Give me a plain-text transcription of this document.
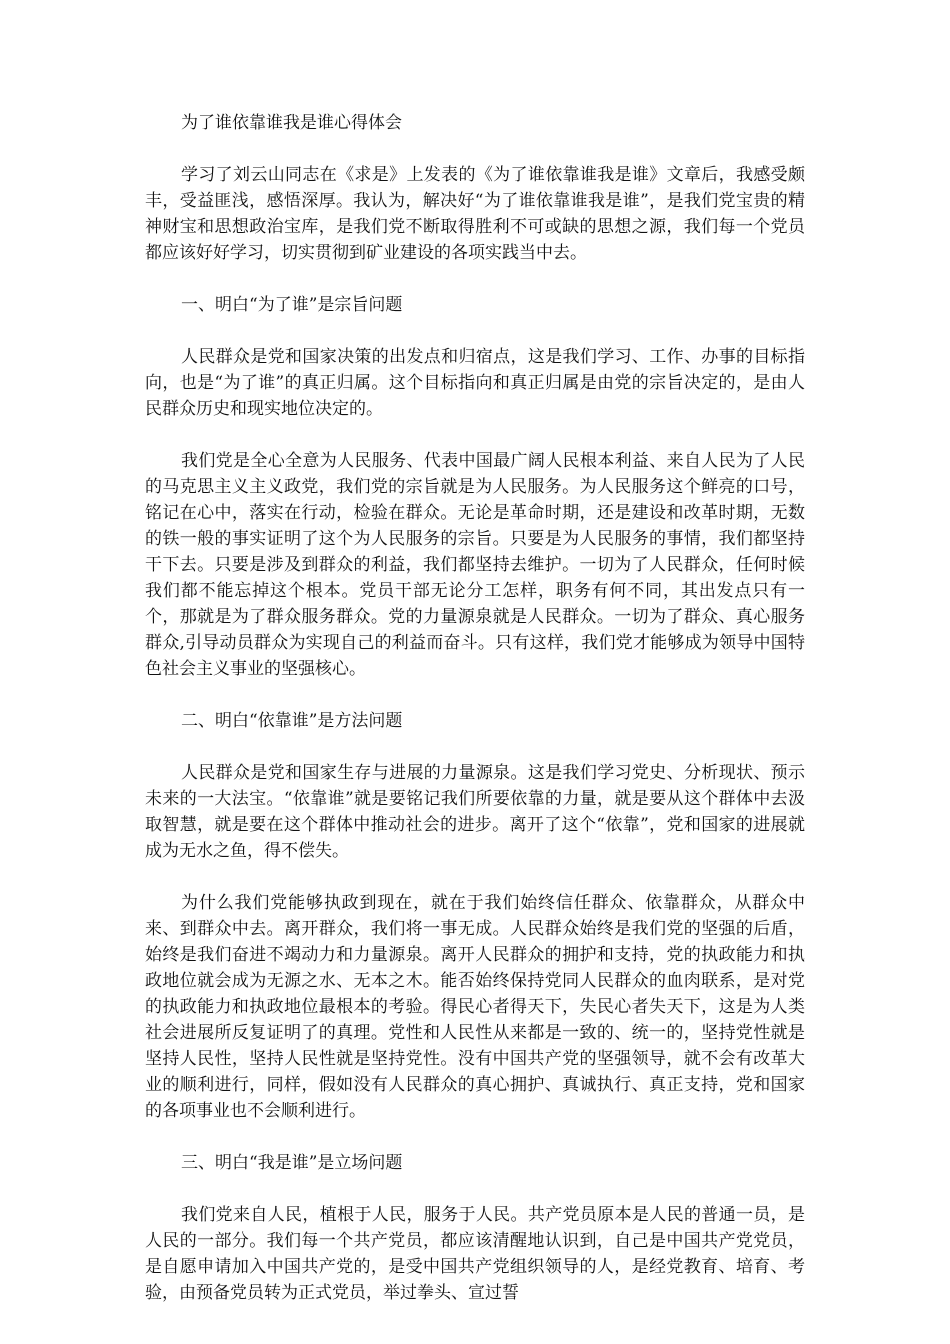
为了谁依靠谁我是谁心得体会

学习了刘云山同志在《求是》上发表的《为了谁依靠谁我是谁》文章后，我感受颇丰，受益匪浅，感悟深厚。我认为，解决好“为了谁依靠谁我是谁”，是我们党宝贵的精神财宝和思想政治宝库，是我们党不断取得胜利不可或缺的思想之源，我们每一个党员都应该好好学习，切实贯彻到矿业建设的各项实践当中去。

一、明白“为了谁”是宗旨问题

人民群众是党和国家决策的出发点和归宿点，这是我们学习、工作、办事的目标指向，也是“为了谁”的真正归属。这个目标指向和真正归属是由党的宗旨决定的，是由人民群众历史和现实地位决定的。

我们党是全心全意为人民服务、代表中国最广阔人民根本利益、来自人民为了人民的马克思主义主义政党，我们党的宗旨就是为人民服务。为人民服务这个鲜亮的口号，铭记在心中，落实在行动，检验在群众。无论是革命时期，还是建设和改革时期，无数的铁一般的事实证明了这个为人民服务的宗旨。只要是为人民服务的事情，我们都坚持干下去。只要是涉及到群众的利益，我们都坚持去维护。一切为了人民群众，任何时候我们都不能忘掉这个根本。党员干部无论分工怎样，职务有何不同，其出发点只有一个，那就是为了群众服务群众。党的力量源泉就是人民群众。一切为了群众、真心服务群众,引导动员群众为实现自己的利益而奋斗。只有这样，我们党才能够成为领导中国特色社会主义事业的坚强核心。

二、明白“依靠谁”是方法问题

人民群众是党和国家生存与进展的力量源泉。这是我们学习党史、分析现状、预示未来的一大法宝。“依靠谁”就是要铭记我们所要依靠的力量，就是要从这个群体中去汲取智慧，就是要在这个群体中推动社会的进步。离开了这个“依靠”，党和国家的进展就成为无水之鱼，得不偿失。

为什么我们党能够执政到现在，就在于我们始终信任群众、依靠群众，从群众中来、到群众中去。离开群众，我们将一事无成。人民群众始终是我们党的坚强的后盾，始终是我们奋进不竭动力和力量源泉。离开人民群众的拥护和支持，党的执政能力和执政地位就会成为无源之水、无本之木。能否始终保持党同人民群众的血肉联系，是对党的执政能力和执政地位最根本的考验。得民心者得天下，失民心者失天下，这是为人类社会进展所反复证明了的真理。党性和人民性从来都是一致的、统一的，坚持党性就是坚持人民性，坚持人民性就是坚持党性。没有中国共产党的坚强领导，就不会有改革大业的顺利进行，同样，假如没有人民群众的真心拥护、真诚执行、真正支持，党和国家的各项事业也不会顺利进行。

三、明白“我是谁”是立场问题

我们党来自人民，植根于人民，服务于人民。共产党员原本是人民的普通一员，是人民的一部分。我们每一个共产党员，都应该清醒地认识到，自己是中国共产党党员，是自愿申请加入中国共产党的，是受中国共产党组织领导的人，是经党教育、培育、考验，由预备党员转为正式党员，举过拳头、宣过誓
